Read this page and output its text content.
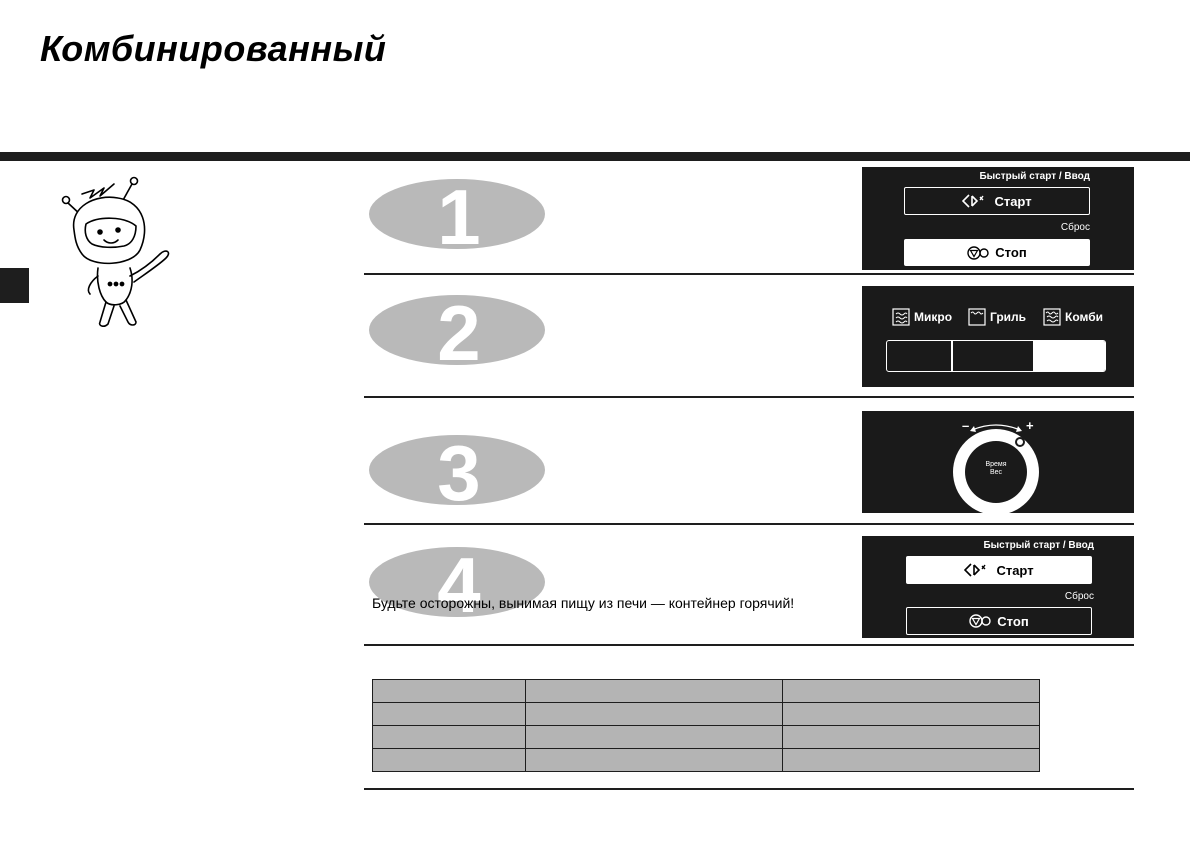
Комбинированный
1
2
3
4
Будьте осторожны, вынимая пищу из печи — контейнер горячий!
Быстрый старт / Ввод
Старт
Сброс
Стоп
Микро	Гриль	Комби
–	+
Время
Вес
Быстрый старт / Ввод
Старт
Сброс
Стоп
